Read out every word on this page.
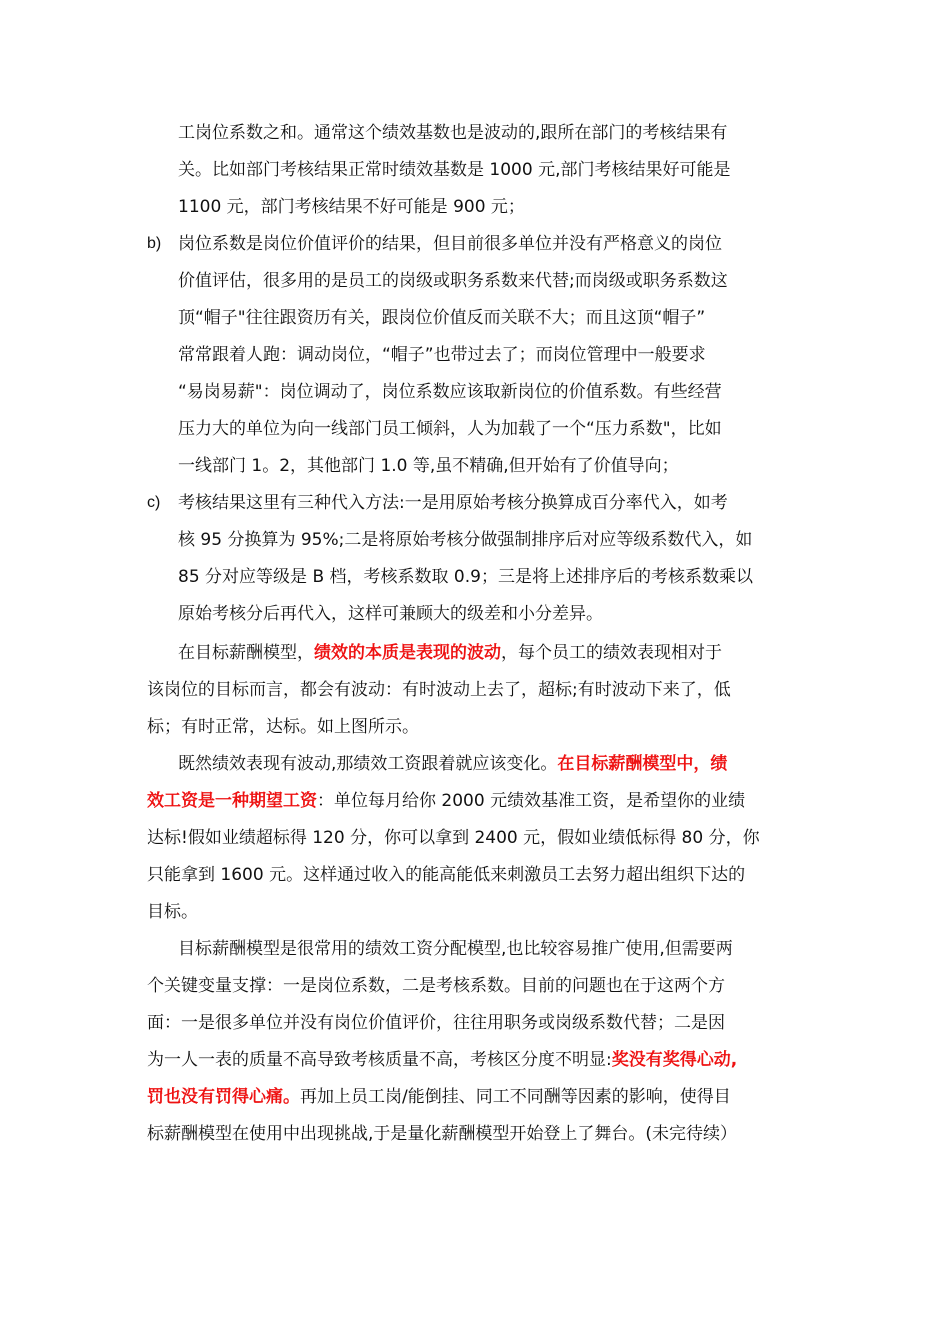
工岗位系数之和。通常这个绩效基数也是波动的,跟所在部门的考核结果有
关。比如部门考核结果正常时绩效基数是 1000 元,部门考核结果好可能是
1100 元，部门考核结果不好可能是 900 元；
b) 岗位系数是岗位价值评价的结果，但目前很多单位并没有严格意义的岗位
价值评估，很多用的是员工的岗级或职务系数来代替;而岗级或职务系数这
顶“帽子"往往跟资历有关，跟岗位价值反而关联不大；而且这顶“帽子”
常常跟着人跑：调动岗位，“帽子”也带过去了；而岗位管理中一般要求
“易岗易薪"：岗位调动了，岗位系数应该取新岗位的价值系数。有些经营
压力大的单位为向一线部门员工倾斜，人为加载了一个“压力系数"，比如
一线部门 1。2，其他部门 1.0 等,虽不精确,但开始有了价值导向；
c) 考核结果这里有三种代入方法:一是用原始考核分换算成百分率代入，如考
核 95 分换算为 95%;二是将原始考核分做强制排序后对应等级系数代入，如
85 分对应等级是 B 档，考核系数取 0.9；三是将上述排序后的考核系数乘以
原始考核分后再代入，这样可兼顾大的级差和小分差异。
在目标薪酬模型，绩效的本质是表现的波动，每个员工的绩效表现相对于
该岗位的目标而言，都会有波动：有时波动上去了，超标;有时波动下来了，低
标；有时正常，达标。如上图所示。
既然绩效表现有波动,那绩效工资跟着就应该变化。在目标薪酬模型中，绩
效工资是一种期望工资：单位每月给你 2000 元绩效基准工资，是希望你的业绩
达标!假如业绩超标得 120 分，你可以拿到 2400 元，假如业绩低标得 80 分，你
只能拿到 1600 元。这样通过收入的能高能低来刺激员工去努力超出组织下达的
目标。
目标薪酬模型是很常用的绩效工资分配模型,也比较容易推广使用,但需要两
个关键变量支撑：一是岗位系数，二是考核系数。目前的问题也在于这两个方
面：一是很多单位并没有岗位价值评价，往往用职务或岗级系数代替；二是因
为一人一表的质量不高导致考核质量不高，考核区分度不明显:奖没有奖得心动,
罚也没有罚得心痛。再加上员工岗/能倒挂、同工不同酬等因素的影响，使得目
标薪酬模型在使用中出现挑战,于是量化薪酬模型开始登上了舞台。(未完待续）
